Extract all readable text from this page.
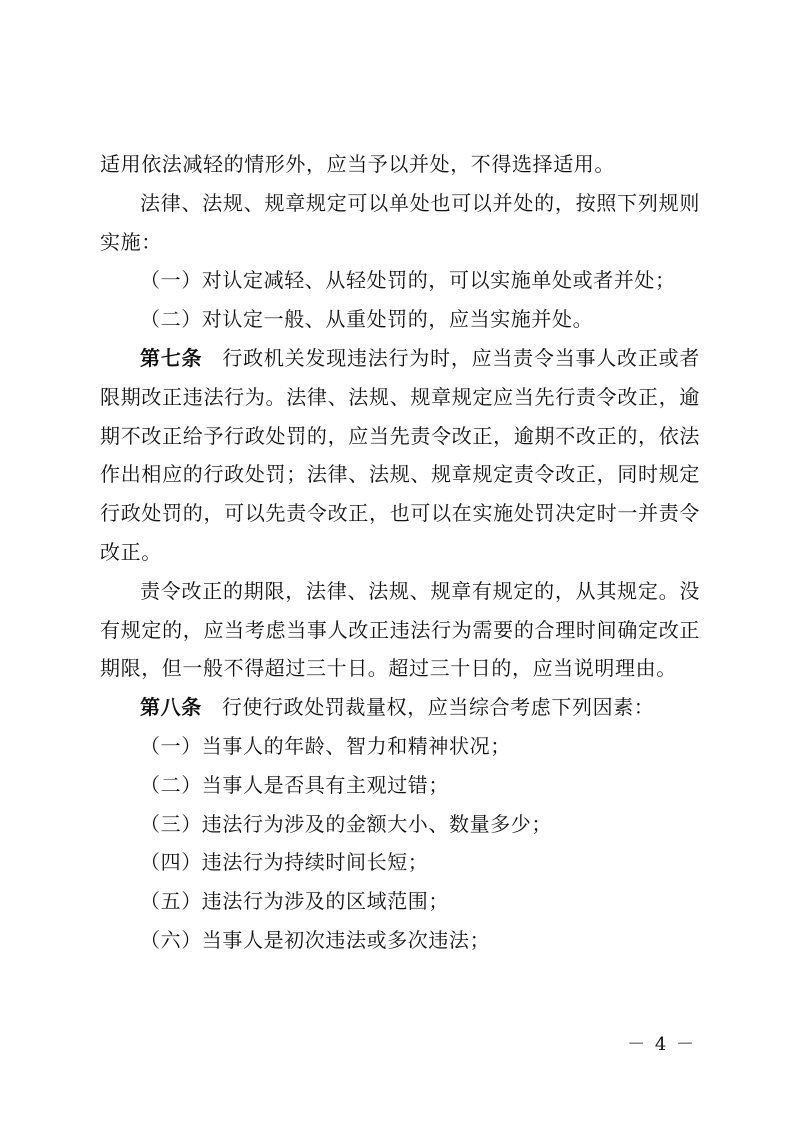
适用依法减轻的情形外，应当予以并处，不得选择适用。

法律、法规、规章规定可以单处也可以并处的，按照下列规则实施：

（一）对认定减轻、从轻处罚的，可以实施单处或者并处；

（二）对认定一般、从重处罚的，应当实施并处。

第七条 行政机关发现违法行为时，应当责令当事人改正或者限期改正违法行为。法律、法规、规章规定应当先行责令改正，逾期不改正给予行政处罚的，应当先责令改正，逾期不改正的，依法作出相应的行政处罚；法律、法规、规章规定责令改正，同时规定行政处罚的，可以先责令改正，也可以在实施处罚决定时一并责令改正。

责令改正的期限，法律、法规、规章有规定的，从其规定。没有规定的，应当考虑当事人改正违法行为需要的合理时间确定改正期限，但一般不得超过三十日。超过三十日的，应当说明理由。

第八条 行使行政处罚裁量权，应当综合考虑下列因素：

（一）当事人的年龄、智力和精神状况；

（二）当事人是否具有主观过错；

（三）违法行为涉及的金额大小、数量多少；

（四）违法行为持续时间长短；

（五）违法行为涉及的区域范围；

（六）当事人是初次违法或多次违法；

－ 4 －
